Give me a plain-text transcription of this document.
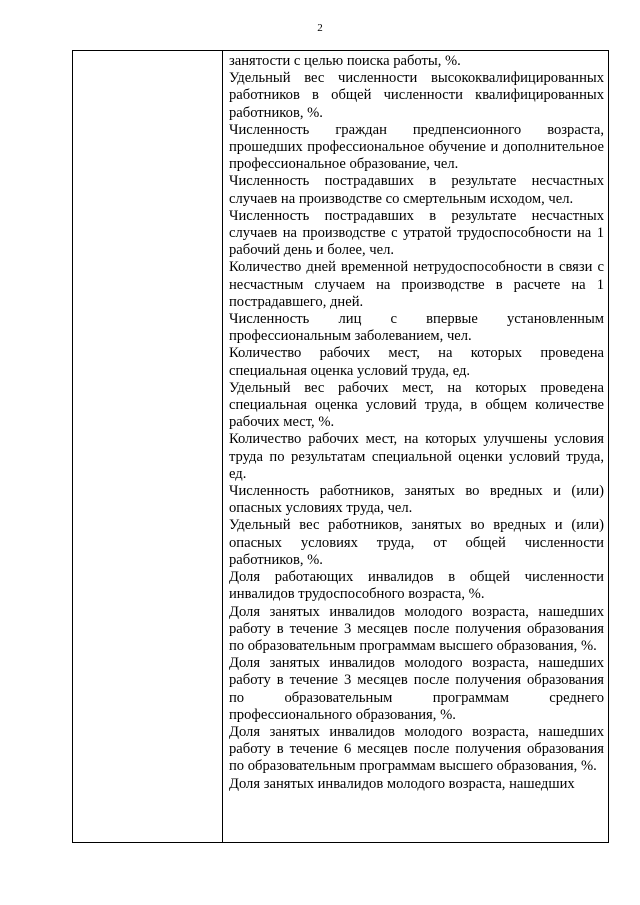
2

занятости с целью поиска работы, %.

Удельный вес численности высококвалифицированных работников в общей численности квалифицированных работников, %.

Численность граждан предпенсионного возраста, прошедших профессиональное обучение и дополнительное профессиональное образование, чел.

Численность пострадавших в результате несчастных случаев на производстве со смертельным исходом, чел.

Численность пострадавших в результате несчастных случаев на производстве с утратой трудоспособности на 1 рабочий день и более, чел.

Количество дней временной нетрудоспособности в связи с несчастным случаем на производстве в расчете на 1 пострадавшего, дней.

Численность лиц с впервые установленным профессиональным заболеванием, чел.

Количество рабочих мест, на которых проведена специальная оценка условий труда, ед.

Удельный вес рабочих мест, на которых проведена специальная оценка условий труда, в общем количестве рабочих мест, %.

Количество рабочих мест, на которых улучшены условия труда по результатам специальной оценки условий труда, ед.

Численность работников, занятых во вредных и (или) опасных условиях труда, чел.

Удельный вес работников, занятых во вредных и (или) опасных условиях труда, от общей численности работников, %.

Доля работающих инвалидов в общей численности инвалидов трудоспособного возраста, %.

Доля занятых инвалидов молодого возраста, нашедших работу в течение 3 месяцев после получения образования по образовательным программам высшего образования, %.

Доля занятых инвалидов молодого возраста, нашедших работу в течение 3 месяцев после получения образования по образовательным программам среднего профессионального образования, %.

Доля занятых инвалидов молодого возраста, нашедших работу в течение 6 месяцев после получения образования по образовательным программам высшего образования, %.

Доля занятых инвалидов молодого возраста, нашедших
